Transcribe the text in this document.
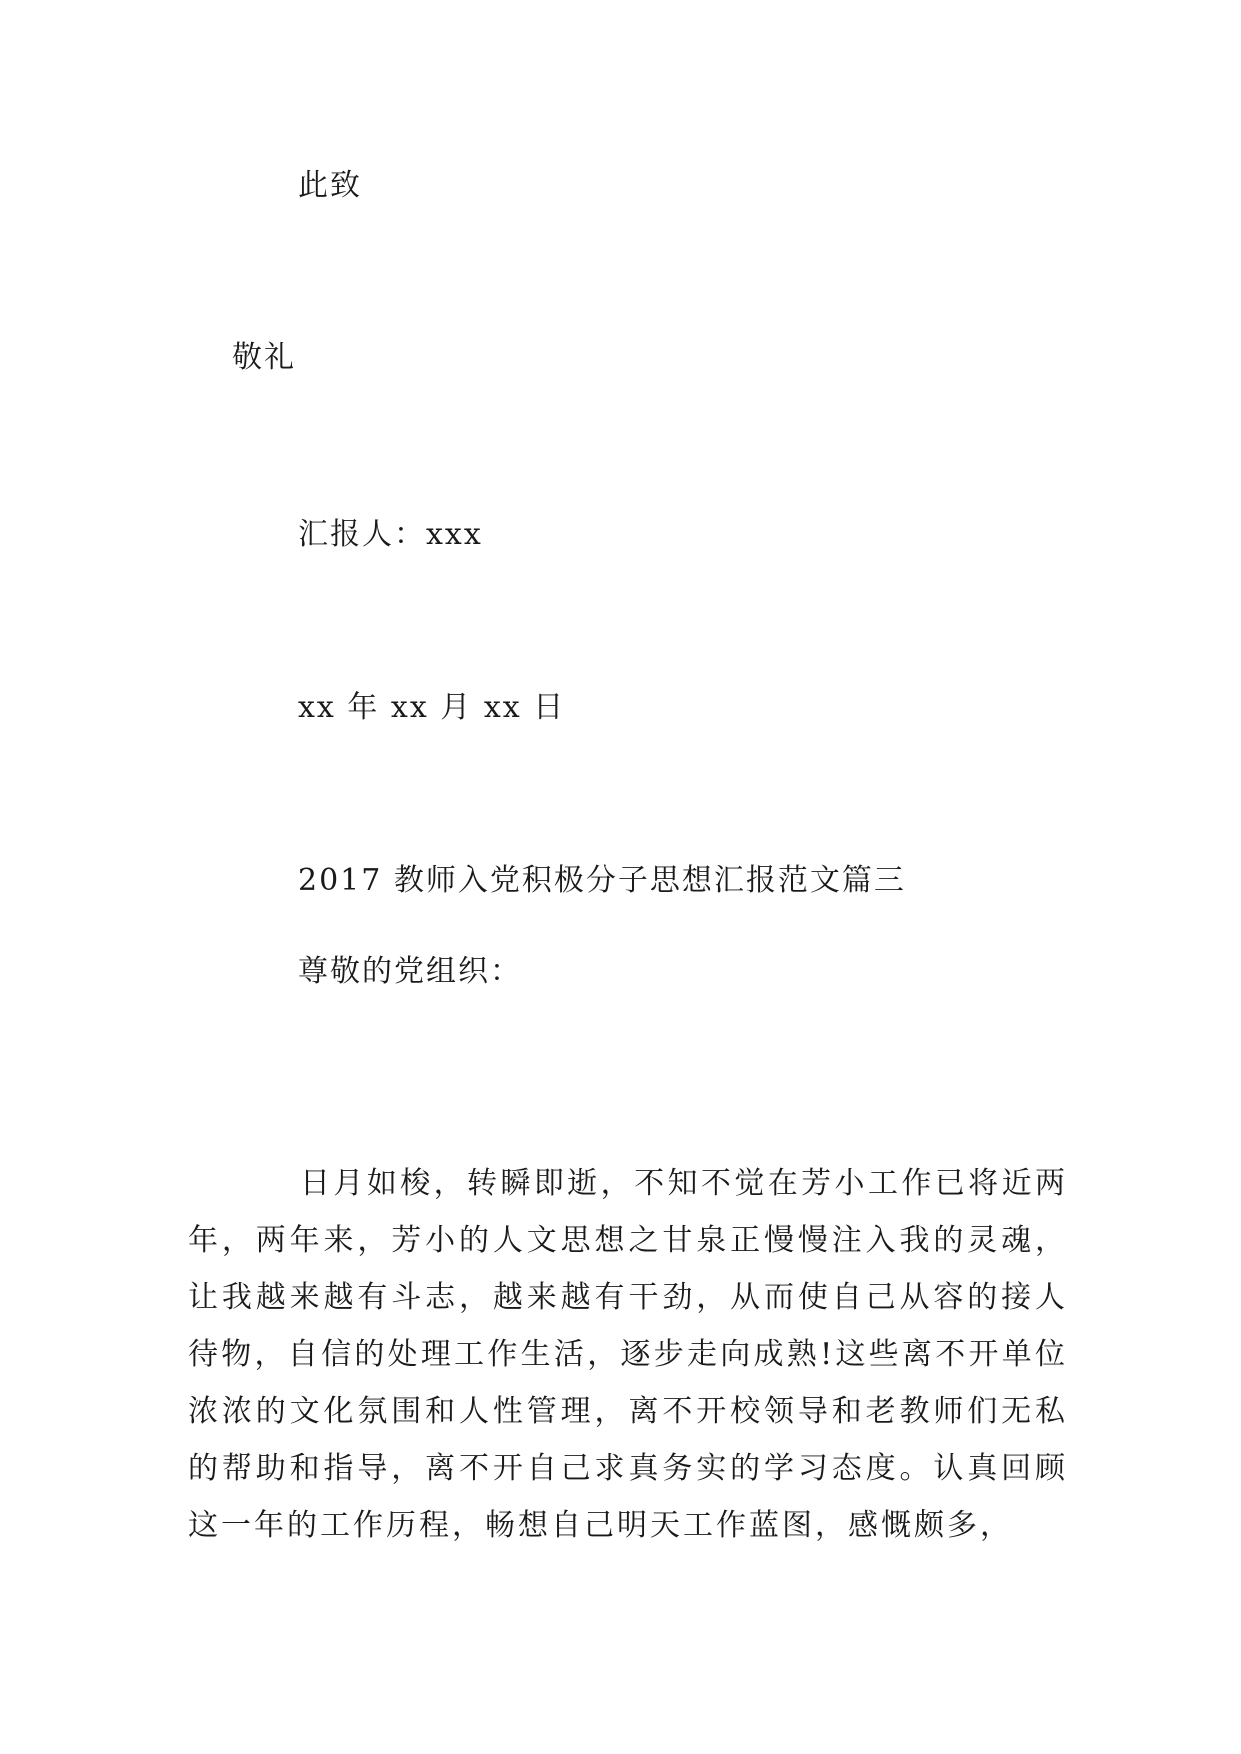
此致
敬礼
汇报人：xxx
xx 年 xx 月 xx 日
2017 教师入党积极分子思想汇报范文篇三
尊敬的党组织：

日月如梭，转瞬即逝，不知不觉在芳小工作已将近两年，两年来，芳小的人文思想之甘泉正慢慢注入我的灵魂，让我越来越有斗志，越来越有干劲，从而使自己从容的接人待物，自信的处理工作生活，逐步走向成熟!这些离不开单位浓浓的文化氛围和人性管理，离不开校领导和老教师们无私的帮助和指导，离不开自己求真务实的学习态度。认真回顾这一年的工作历程，畅想自己明天工作蓝图，感慨颇多，
